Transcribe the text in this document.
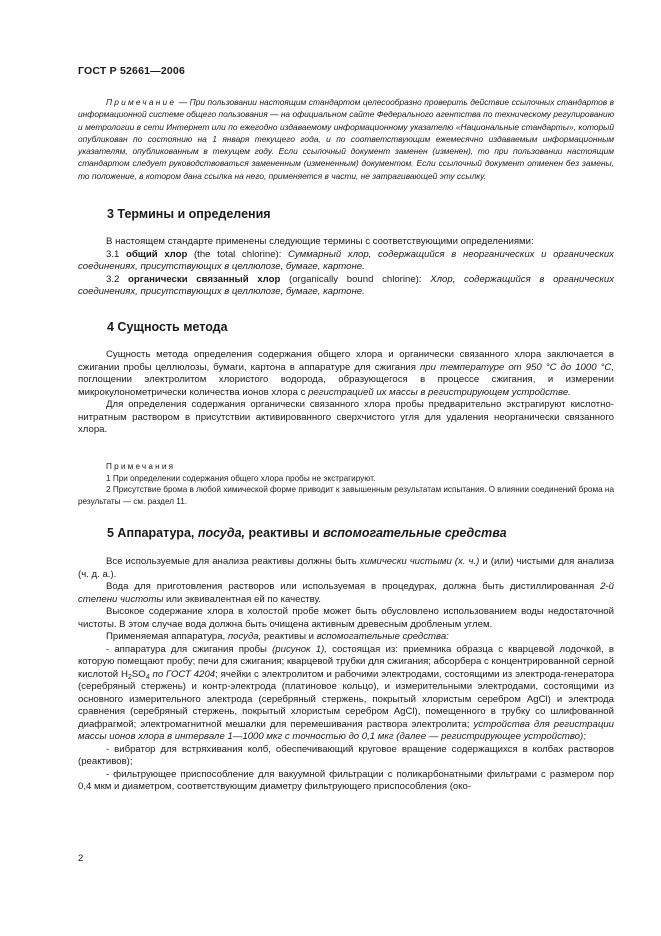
ГОСТ Р 52661—2006

Примечание — При пользовании настоящим стандартом целесообразно проверить действие ссылочных стандартов в информационной системе общего пользования — на официальном сайте Федерального агентства по техническому регулированию и метрологии в сети Интернет или по ежегодно издаваемому информационному указателю «Национальные стандарты», который опубликован по состоянию на 1 января текущего года, и по соответствующим ежемесячно издаваемым информационным указателям, опубликованным в текущем году. Если ссылочный документ заменен (изменен), то при пользовании настоящим стандартом следует руководствоваться замененным (измененным) документом. Если ссылочный документ отменен без замены, то положение, в котором дана ссылка на него, применяется в части, не затрагивающей эту ссылку.

3 Термины и определения

В настоящем стандарте применены следующие термины с соответствующими определениями:

3.1 общий хлор (the total chlorine): Суммарный хлор, содержащийся в неорганических и органических соединениях, присутствующих в целлюлозе, бумаге, картоне.

3.2 органически связанный хлор (organically bound chlorine): Хлор, содержащийся в органических соединениях, присутствующих в целлюлозе, бумаге, картоне.

4 Сущность метода

Сущность метода определения содержания общего хлора и органически связанного хлора заключается в сжигании пробы целлюлозы, бумаги, картона в аппаратуре для сжигания при температуре от 950 °С до 1000 °С, поглощении электролитом хлористого водорода, образующегося в процессе сжигания, и измерении микрокулонометрически количества ионов хлора с регистрацией их массы в регистрирующем устройстве.

Для определения содержания органически связанного хлора пробы предварительно экстрагируют кислотно-нитратным раствором в присутствии активированного сверхчистого угля для удаления неорганически связанного хлора.

Примечания

1 При определении содержания общего хлора пробы не экстрагируют.

2 Присутствие брома в любой химической форме приводит к завышенным результатам испытания. О влиянии соединений брома на результаты — см. раздел 11.

5 Аппаратура, посуда, реактивы и вспомогательные средства

Все используемые для анализа реактивы должны быть химически чистыми (х. ч.) и (или) чистыми для анализа (ч. д. а.).

Вода для приготовления растворов или используемая в процедурах, должна быть дистиллированная 2-й степени чистоты или эквивалентная ей по качеству.

Высокое содержание хлора в холостой пробе может быть обусловлено использованием воды недостаточной чистоты. В этом случае вода должна быть очищена активным древесным дробленым углем.

Применяемая аппаратура, посуда, реактивы и вспомогательные средства:

- аппаратура для сжигания пробы (рисунок 1), состоящая из: приемника образца с кварцевой лодочкой, в которую помещают пробу; печи для сжигания; кварцевой трубки для сжигания; абсорбера с концентрированной серной кислотой $H_2SO_4$ по ГОСТ 4204; ячейки с электролитом и рабочими электродами, состоящими из электрода-генератора (серебряный стержень) и контр-электрода (платиновое кольцо), и измерительными электродами, состоящими из основного измерительного электрода (серебряный стержень, покрытый хлористым серебром AgCl) и электрода сравнения (серебряный стержень, покрытый хлористым серебром AgCl), помещенного в трубку со шлифованной диафрагмой; электромагнитной мешалки для перемешивания раствора электролита; устройства для регистрации массы ионов хлора в интервале 1—1000 мкг с точностью до 0,1 мкг (далее — регистрирующее устройство);

- вибратор для встряхивания колб, обеспечивающий круговое вращение содержащихся в колбах растворов (реактивов);

- фильтрующее приспособление для вакуумной фильтрации с поликарбонатными фильтрами с размером пор 0,4 мкм и диаметром, соответствующим диаметру фильтрующего приспособления (око-

2
